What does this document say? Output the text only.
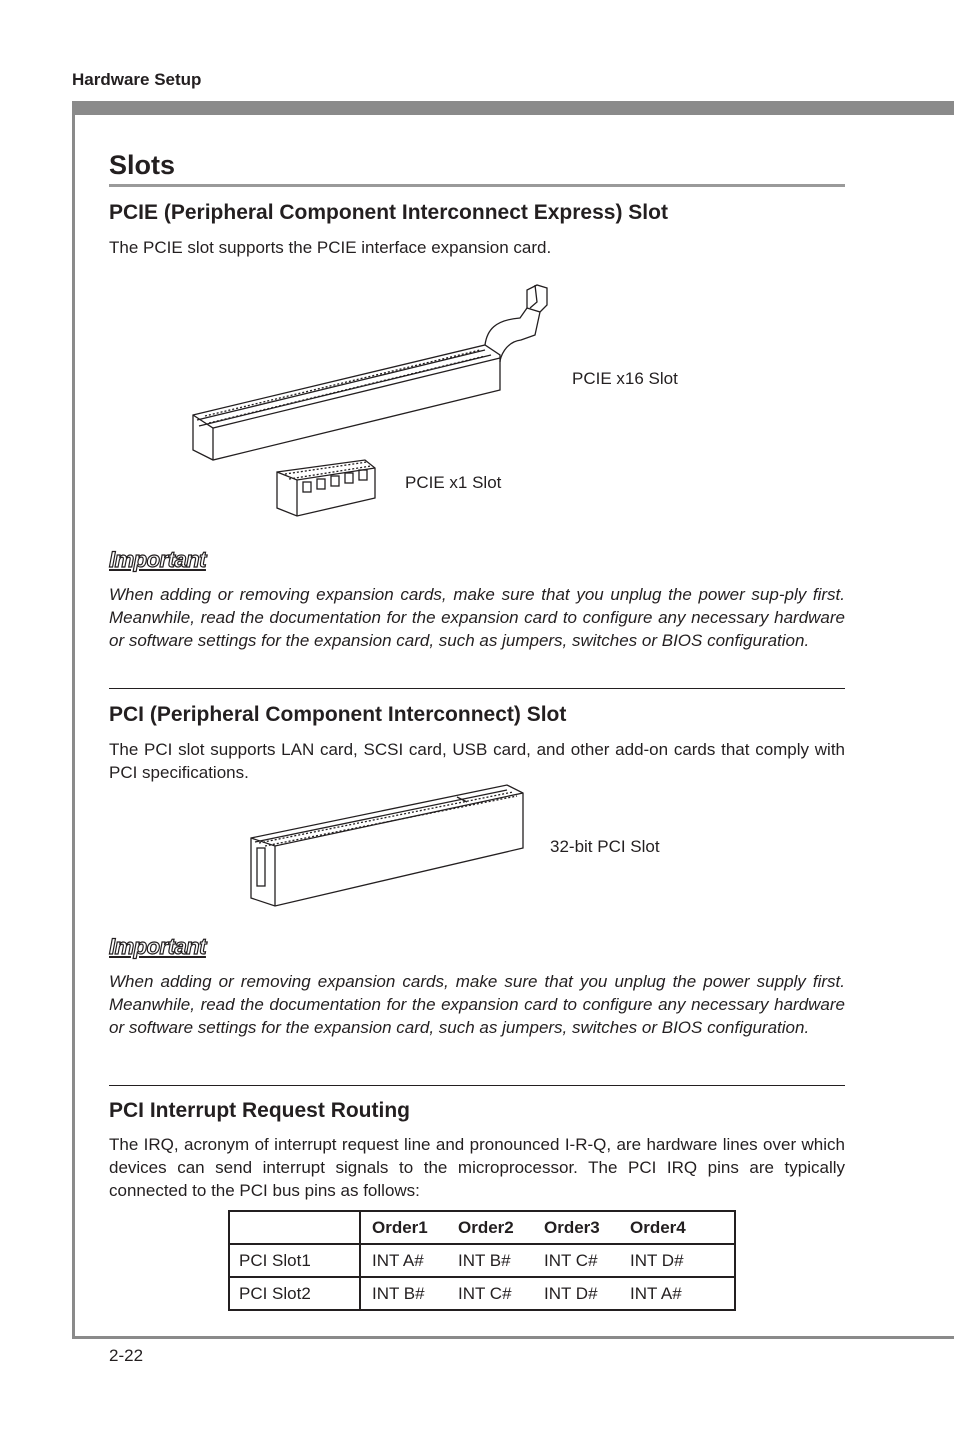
Hardware Setup
Slots
PCIE (Peripheral Component Interconnect Express) Slot
The PCIE slot supports the PCIE interface expansion card.
PCIE x16 Slot
PCIE x1 Slot
Important
When adding or removing expansion cards, make sure that you unplug the power sup-ply first. Meanwhile, read the documentation for the expansion card to configure any necessary hardware or software settings for the expansion card, such as jumpers, switches or BIOS configuration.
PCI (Peripheral Component Interconnect) Slot
The PCI slot supports LAN card, SCSI card, USB card, and other add-on cards that comply with PCI specifications.
32-bit PCI Slot
Important
When adding or removing expansion cards, make sure that you unplug the power supply first. Meanwhile, read the documentation for the expansion card to configure any necessary hardware or software settings for the expansion card, such as jumpers, switches or BIOS configuration.
PCI Interrupt Request Routing
The IRQ, acronym of interrupt request line and pronounced I-R-Q, are hardware lines over which devices can send interrupt signals to the microprocessor. The PCI IRQ pins are typically connected to the PCI bus pins as follows:
	Order1 Order2 Order3 Order4
PCI Slot1	INT A# INT B# INT C# INT D#
PCI Slot2	INT B# INT C# INT D# INT A#
2-22
